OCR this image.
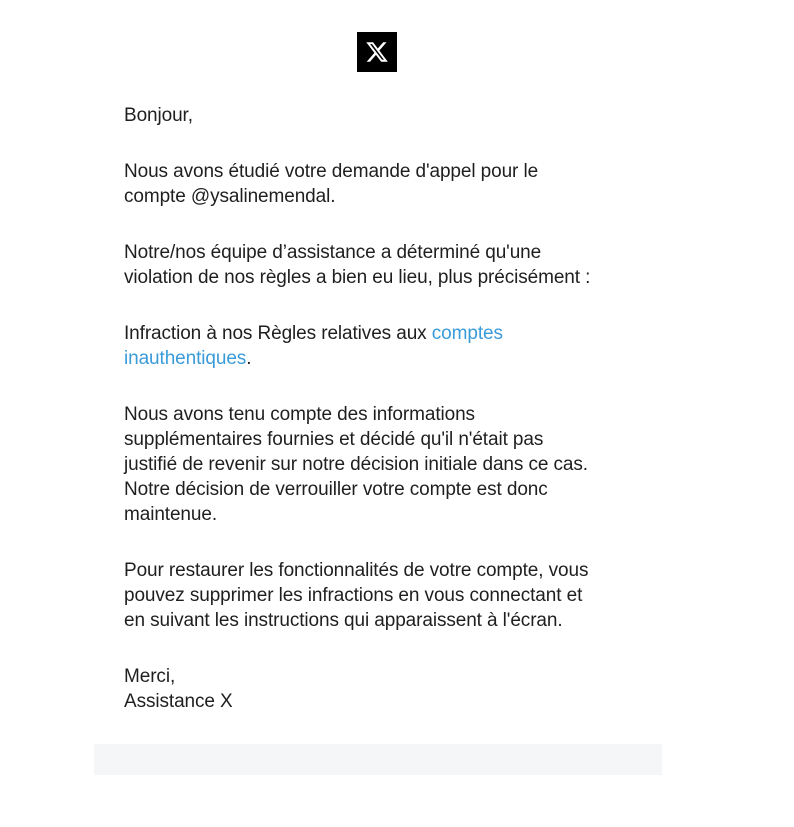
Bonjour,

Nous avons étudié votre demande d'appel pour le
compte @ysalinemendal.

Notre/nos équipe d’assistance a déterminé qu'une
violation de nos règles a bien eu lieu, plus précisément :

Infraction à nos Règles relatives aux comptes
inauthentiques.

Nous avons tenu compte des informations
supplémentaires fournies et décidé qu'il n'était pas
justifié de revenir sur notre décision initiale dans ce cas.
Notre décision de verrouiller votre compte est donc
maintenue.

Pour restaurer les fonctionnalités de votre compte, vous
pouvez supprimer les infractions en vous connectant et
en suivant les instructions qui apparaissent à l'écran.

Merci,
Assistance X
